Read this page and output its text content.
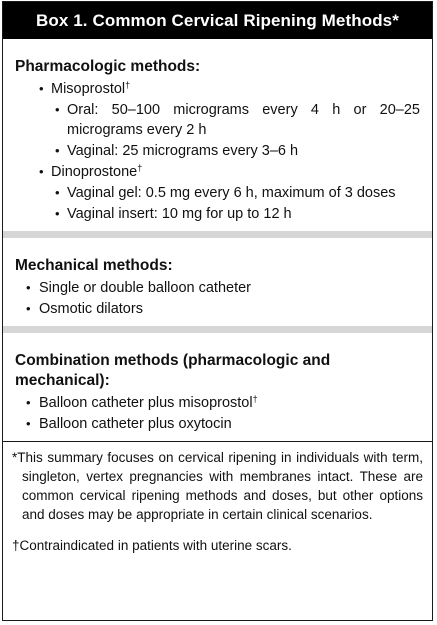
Box 1. Common Cervical Ripening Methods*
Pharmacologic methods:
• Misoprostol†
• Oral: 50–100 micrograms every 4 h or 20–25 micrograms every 2 h
• Vaginal: 25 micrograms every 3–6 h
• Dinoprostone†
• Vaginal gel: 0.5 mg every 6 h, maximum of 3 doses
• Vaginal insert: 10 mg for up to 12 h
Mechanical methods:
• Single or double balloon catheter
• Osmotic dilators
Combination methods (pharmacologic and mechanical):
• Balloon catheter plus misoprostol†
• Balloon catheter plus oxytocin

*This summary focuses on cervical ripening in individuals with term, singleton, vertex pregnancies with membranes intact. These are common cervical ripening methods and doses, but other options and doses may be appropriate in certain clinical scenarios.

†Contraindicated in patients with uterine scars.
